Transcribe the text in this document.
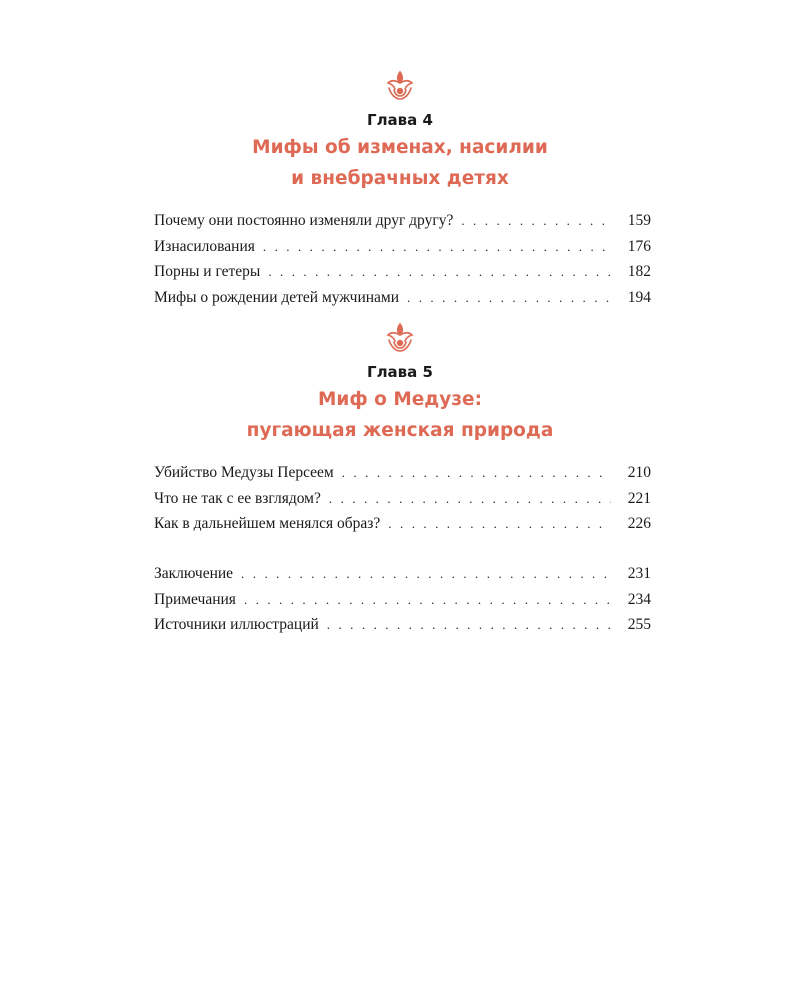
Глава 4
Мифы об изменах, насилии
и внебрачных детях
Почему они постоянно изменяли друг другу? . . .	159
Изнасилования . . .	176
Порны и гетеры . . .	182
Мифы о рождении детей мужчинами . . .	194
Глава 5
Миф о Медузе:
пугающая женская природа
Убийство Медузы Персеем . . .	210
Что не так с ее взглядом? . . .	221
Как в дальнейшем менялся образ? . . .	226
Заключение . . .	231
Примечания . . .	234
Источники иллюстраций . . .	255
